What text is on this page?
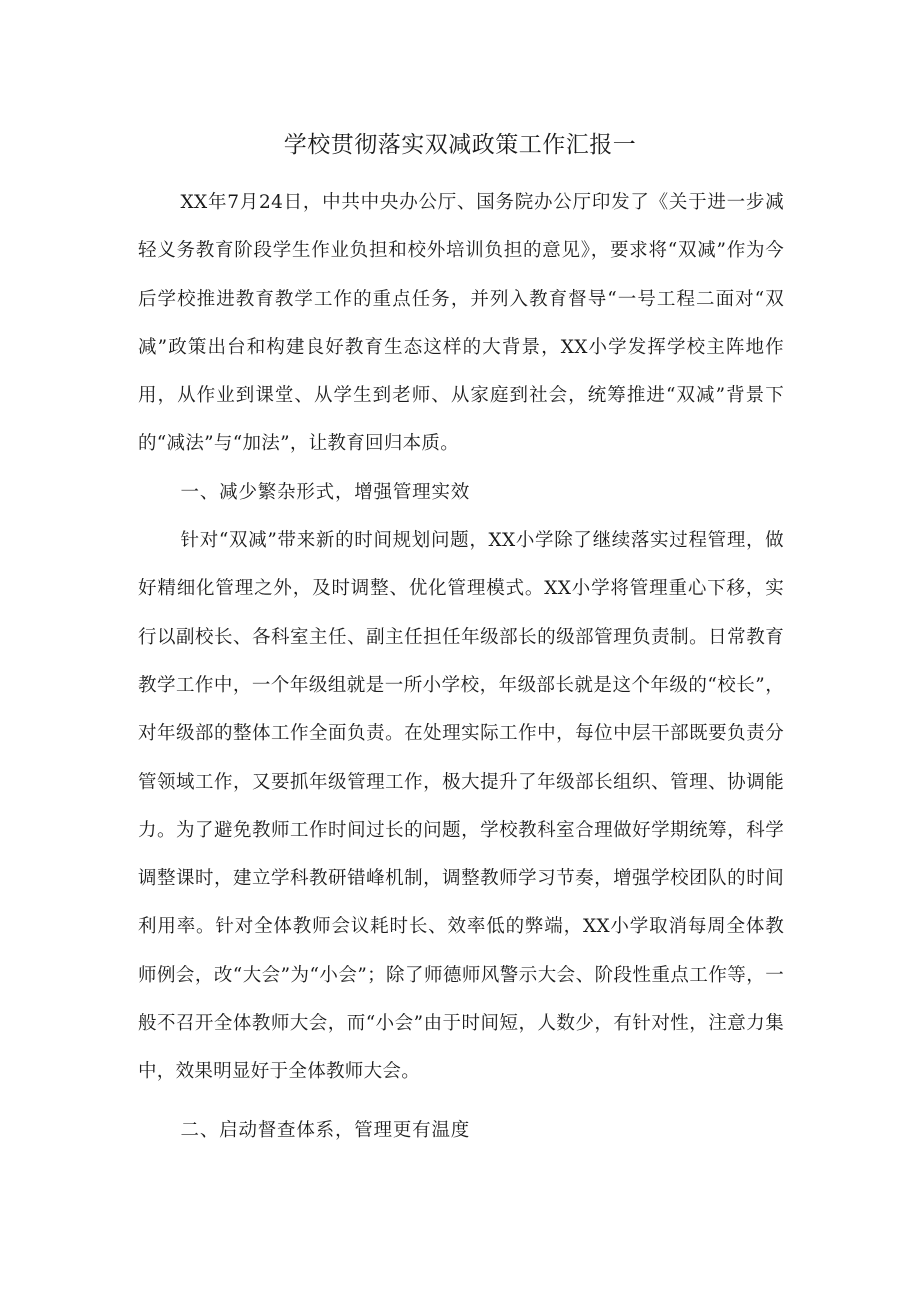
学校贯彻落实双减政策工作汇报一

XX年7月24日，中共中央办公厅、国务院办公厅印发了《关于进一步减轻义务教育阶段学生作业负担和校外培训负担的意见》，要求将“双减”作为今后学校推进教育教学工作的重点任务，并列入教育督导“一号工程二面对“双减”政策出台和构建良好教育生态这样的大背景，XX小学发挥学校主阵地作用，从作业到课堂、从学生到老师、从家庭到社会，统筹推进“双减”背景下的“减法”与“加法”，让教育回归本质。

一、减少繁杂形式，增强管理实效

针对“双减”带来新的时间规划问题，XX小学除了继续落实过程管理，做好精细化管理之外，及时调整、优化管理模式。XX小学将管理重心下移，实行以副校长、各科室主任、副主任担任年级部长的级部管理负责制。日常教育教学工作中，一个年级组就是一所小学校，年级部长就是这个年级的“校长”，对年级部的整体工作全面负责。在处理实际工作中，每位中层干部既要负责分管领域工作，又要抓年级管理工作，极大提升了年级部长组织、管理、协调能力。为了避免教师工作时间过长的问题，学校教科室合理做好学期统筹，科学调整课时，建立学科教研错峰机制，调整教师学习节奏，增强学校团队的时间利用率。针对全体教师会议耗时长、效率低的弊端，XX小学取消每周全体教师例会，改“大会”为“小会”；除了师德师风警示大会、阶段性重点工作等，一般不召开全体教师大会，而“小会”由于时间短，人数少，有针对性，注意力集中，效果明显好于全体教师大会。

二、启动督查体系，管理更有温度
